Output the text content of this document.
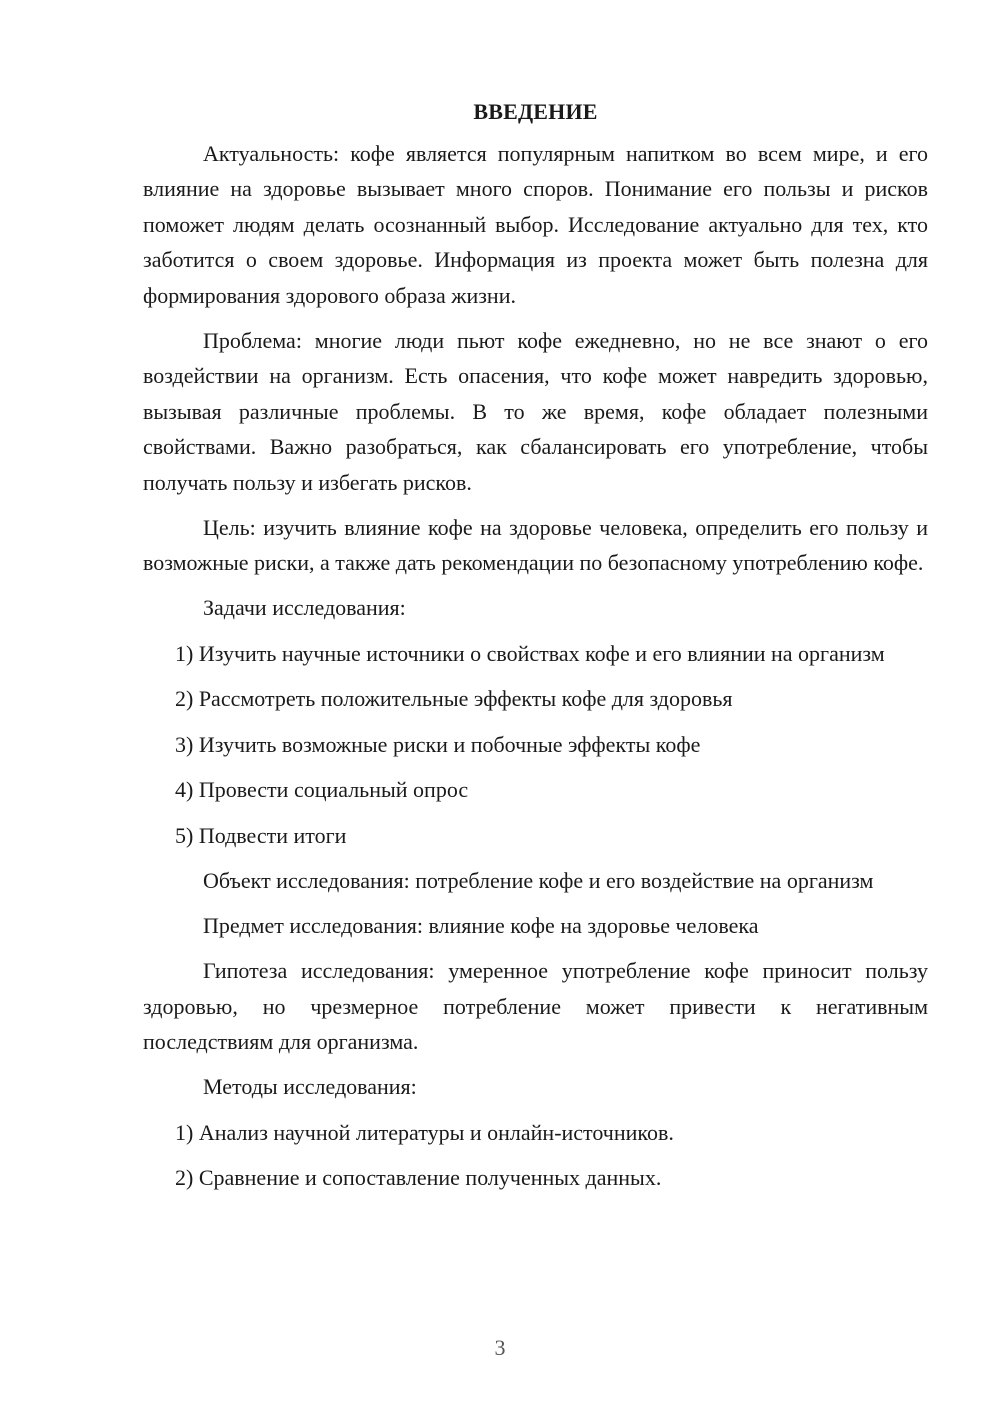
ВВЕДЕНИЕ

Актуальность: кофе является популярным напитком во всем мире, и его влияние на здоровье вызывает много споров. Понимание его пользы и рисков поможет людям делать осознанный выбор. Исследование актуально для тех, кто заботится о своем здоровье. Информация из проекта может быть полезна для формирования здорового образа жизни.

Проблема: многие люди пьют кофе ежедневно, но не все знают о его воздействии на организм. Есть опасения, что кофе может навредить здоровью, вызывая различные проблемы. В то же время, кофе обладает полезными свойствами. Важно разобраться, как сбалансировать его употребление, чтобы получать пользу и избегать рисков.

Цель: изучить влияние кофе на здоровье человека, определить его пользу и возможные риски, а также дать рекомендации по безопасному употреблению кофе.

Задачи исследования:

1) Изучить научные источники о свойствах кофе и его влиянии на организм

2) Рассмотреть положительные эффекты кофе для здоровья

3) Изучить возможные риски и побочные эффекты кофе

4) Провести социальный опрос

5) Подвести итоги

Объект исследования: потребление кофе и его воздействие на организм

Предмет исследования: влияние кофе на здоровье человека

Гипотеза исследования: умеренное употребление кофе приносит пользу здоровью, но чрезмерное потребление может привести к негативным последствиям для организма.

Методы исследования:

1) Анализ научной литературы и онлайн-источников.

2) Сравнение и сопоставление полученных данных.

3
